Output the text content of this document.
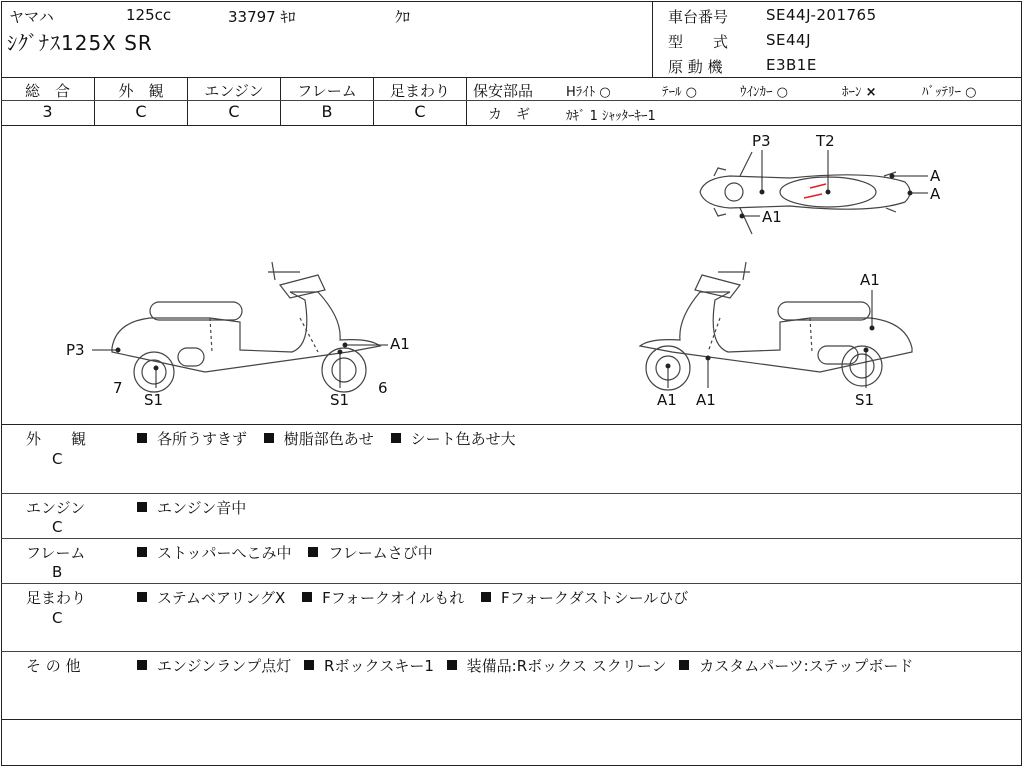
ヤマハ	125cc	33797 ｷﾛ	ｸﾛ
ｼｸﾞﾅｽ125X SR
車台番号	SE44J-201765
型　　式	SE44J
原 動 機	E3B1E
総　合	外　観	エンジン	フレーム	足まわり
3	C	C	B	C
保安部品	Hﾗｲﾄ ○	ﾃｰﾙ ○	ｳｲﾝｶｰ ○	ﾎｰﾝ ×	ﾊﾞｯﾃﾘｰ ○
カ　ギ	ｶｷﾞ 1 ｼｬｯﾀｰｷｰ1
P3	T2
A
A
A1
P3	A1
7
S1	S1
6
A1
A1 A1	S1
外　　観
C
各所うすきず 樹脂部色あせ シート色あせ大
エンジン
C
エンジン音中
フレーム
B
ストッパーへこみ中 フレームさび中
足まわり
C
ステムベアリングX Fフォークオイルもれ Fフォークダストシールひび
そ の 他	エンジンランプ点灯 Rボックスキー1 装備品:Rボックス スクリーン カスタムパーツ:ステップボード
